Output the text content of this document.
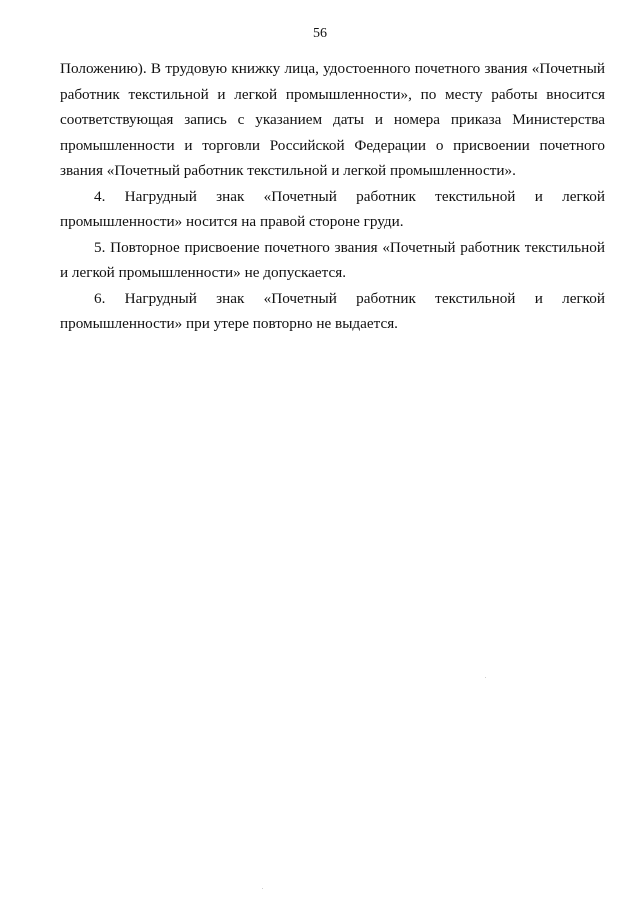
56

Положению). В трудовую книжку лица, удостоенного почетного звания «Почетный работник текстильной и легкой промышленности», по месту работы вносится соответствующая запись с указанием даты и номера приказа Министерства промышленности и торговли Российской Федерации о присвоении почетного звания «Почетный работник текстильной и легкой промышленности».

4. Нагрудный знак «Почетный работник текстильной и легкой промышленности» носится на правой стороне груди.

5. Повторное присвоение почетного звания «Почетный работник текстильной и легкой промышленности» не допускается.

6. Нагрудный знак «Почетный работник текстильной и легкой промышленности» при утере повторно не выдается.
